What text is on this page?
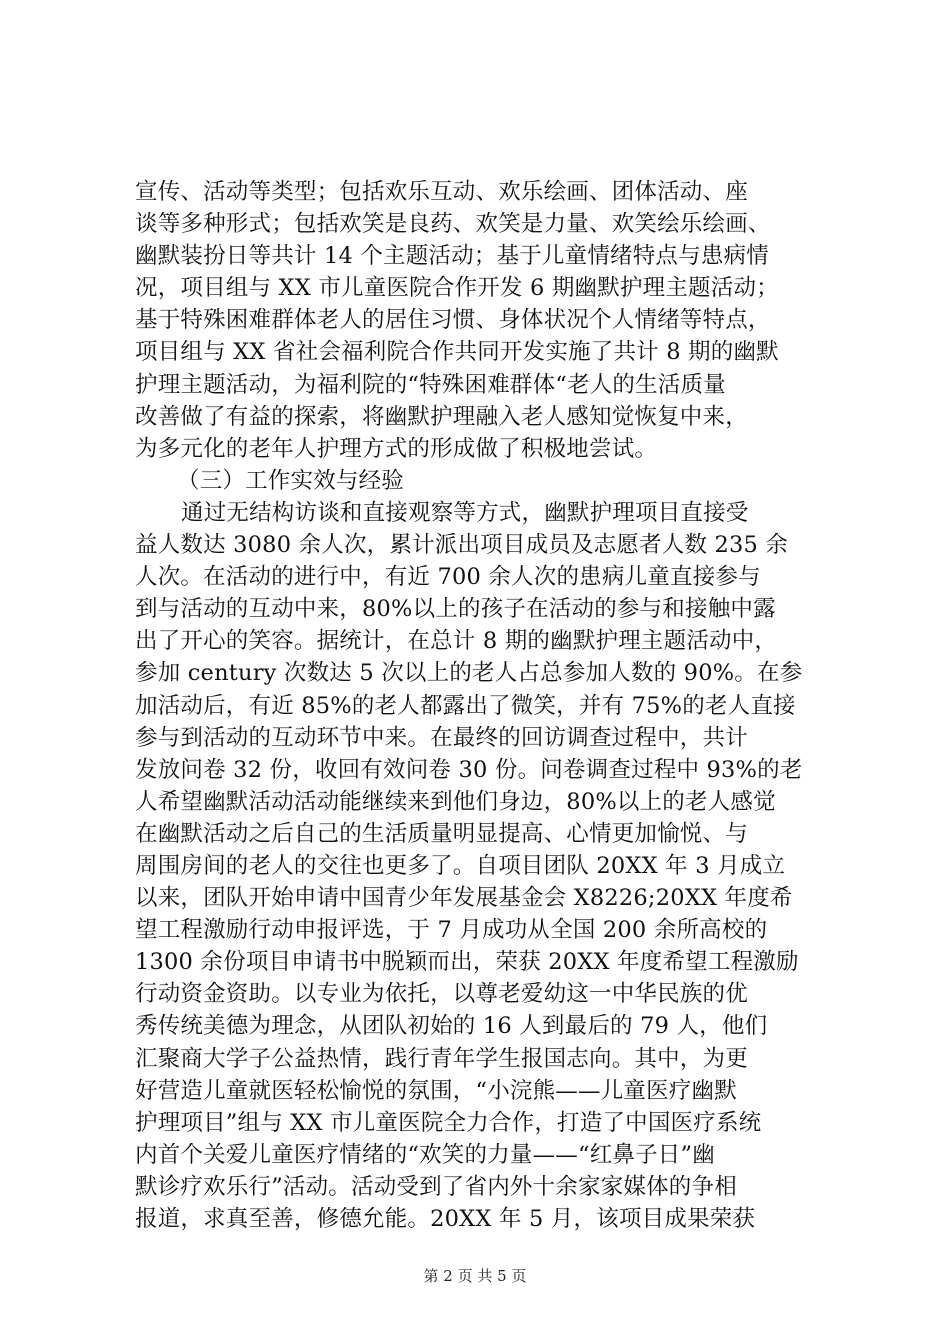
宣传、活动等类型；包括欢乐互动、欢乐绘画、团体活动、座
谈等多种形式；包括欢笑是良药、欢笑是力量、欢笑绘乐绘画、
幽默装扮日等共计 14 个主题活动；基于儿童情绪特点与患病情
况，项目组与 XX 市儿童医院合作开发 6 期幽默护理主题活动；
基于特殊困难群体老人的居住习惯、身体状况个人情绪等特点，
项目组与 XX 省社会福利院合作共同开发实施了共计 8 期的幽默
护理主题活动，为福利院的“特殊困难群体“老人的生活质量
改善做了有益的探索，将幽默护理融入老人感知觉恢复中来，
为多元化的老年人护理方式的形成做了积极地尝试。
（三）工作实效与经验
通过无结构访谈和直接观察等方式，幽默护理项目直接受
益人数达 3080 余人次，累计派出项目成员及志愿者人数 235 余
人次。在活动的进行中，有近 700 余人次的患病儿童直接参与
到与活动的互动中来，80%以上的孩子在活动的参与和接触中露
出了开心的笑容。据统计，在总计 8 期的幽默护理主题活动中，
参加 century 次数达 5 次以上的老人占总参加人数的 90%。在参
加活动后，有近 85%的老人都露出了微笑，并有 75%的老人直接
参与到活动的互动环节中来。在最终的回访调查过程中，共计
发放问卷 32 份，收回有效问卷 30 份。问卷调查过程中 93%的老
人希望幽默活动活动能继续来到他们身边，80%以上的老人感觉
在幽默活动之后自己的生活质量明显提高、心情更加愉悦、与
周围房间的老人的交往也更多了。自项目团队 20XX 年 3 月成立
以来，团队开始申请中国青少年发展基金会 X8226;20XX 年度希
望工程激励行动申报评选，于 7 月成功从全国 200 余所高校的
1300 余份项目申请书中脱颖而出，荣获 20XX 年度希望工程激励
行动资金资助。以专业为依托，以尊老爱幼这一中华民族的优
秀传统美德为理念，从团队初始的 16 人到最后的 79 人，他们
汇聚商大学子公益热情，践行青年学生报国志向。其中，为更
好营造儿童就医轻松愉悦的氛围，“小浣熊——儿童医疗幽默
护理项目”组与 XX 市儿童医院全力合作，打造了中国医疗系统
内首个关爱儿童医疗情绪的“欢笑的力量——“红鼻子日”幽
默诊疗欢乐行”活动。活动受到了省内外十余家家媒体的争相
报道，求真至善，修德允能。20XX 年 5 月，该项目成果荣获
第 2 页 共 5 页
